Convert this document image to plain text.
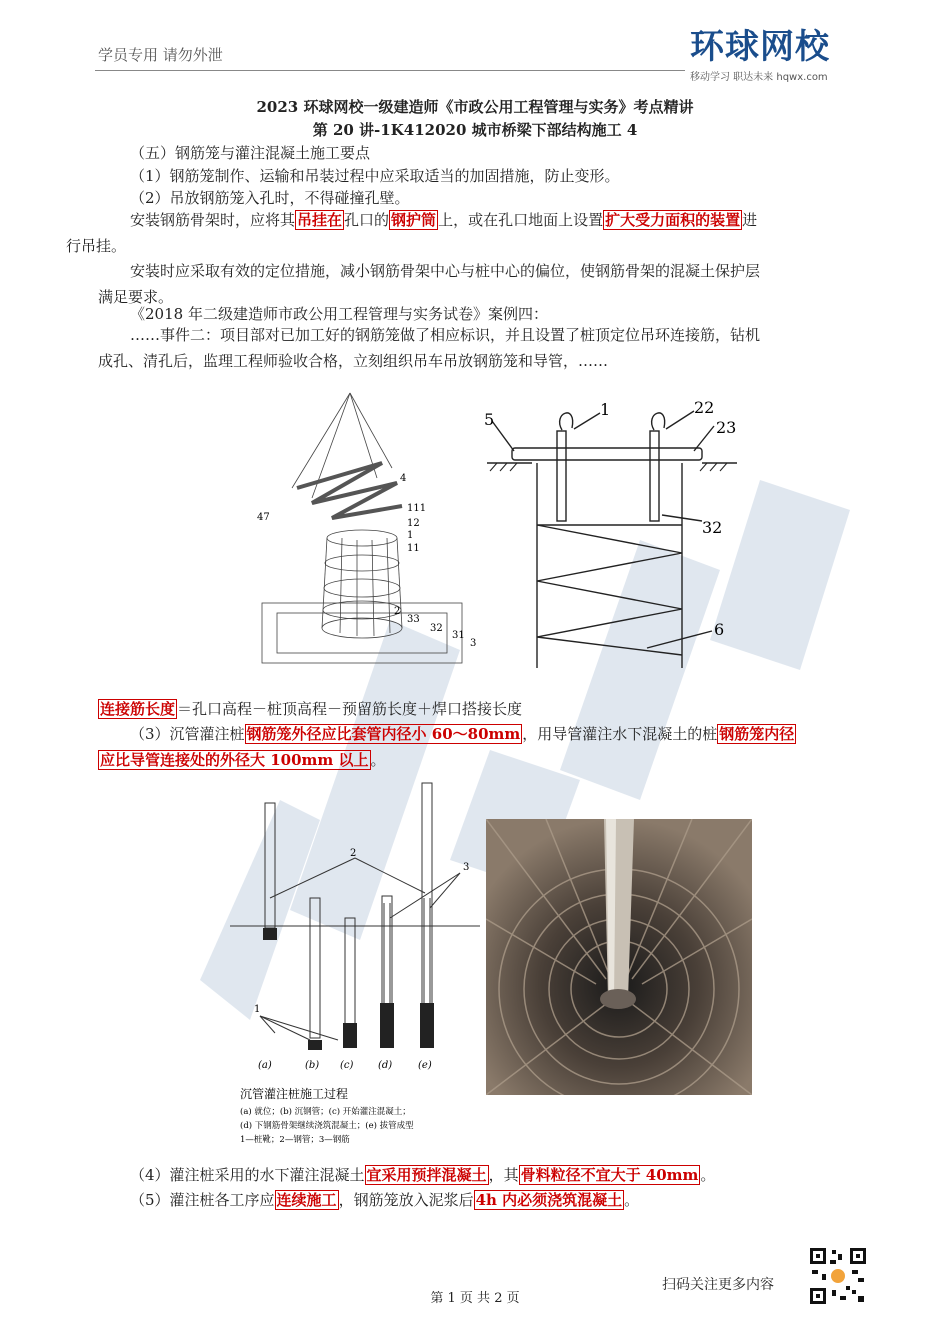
学员专用 请勿外泄	环球网校
移动学习 职达未来 hqwx.com
2023 环球网校一级建造师《市政公用工程管理与实务》考点精讲
第 20 讲-1K412020 城市桥梁下部结构施工 4
（五）钢筋笼与灌注混凝土施工要点
（1）钢筋笼制作、运输和吊装过程中应采取适当的加固措施，防止变形。
（2）吊放钢筋笼入孔时，不得碰撞孔壁。
安装钢筋骨架时，应将其 吊挂在 孔口的 钢护筒 上，或在孔口地面上设置 扩大受力面积的装置 进
行吊挂。
安装时应采取有效的定位措施，减小钢筋骨架中心与桩中心的偏位，使钢筋骨架的混凝土保护层
满足要求。
《2018 年二级建造师市政公用工程管理与实务试卷》案例四：
……事件二：项目部对已加工好的钢筋笼做了相应标识，并且设置了桩顶定位吊环连接筋，钻机
成孔、清孔后，监理工程师验收合格，立刻组织吊车吊放钢筋笼和导管，……
4
47
111
12
1
11
2
33
32
31
3
5
1	22
23
32
6
连接筋长度 ＝孔口高程－桩顶高程－预留筋长度＋焊口搭接长度
（3）沉管灌注桩 钢筋笼外径应比套管内径小 60～80mm ，用导管灌注水下混凝土的桩 钢筋笼内径
应比导管连接处的外径大 100mm 以上 。
2
3
1
(a)	(b) (c) (d)	(e)
沉管灌注桩施工过程
(a) 就位；(b) 沉钢管；(c) 开始灌注混凝土；
(d) 下钢筋骨架继续浇筑混凝土；(e) 拔管成型
1—桩靴；2—钢管；3—钢筋
（4）灌注桩采用的水下灌注混凝土 宜采用预拌混凝土 ，其 骨料粒径不宜大于 40mm 。
（5）灌注桩各工序应 连续施工 ，钢筋笼放入泥浆后 4h 内必须浇筑混凝土 。
扫码关注更多内容
第 1 页 共 2 页
